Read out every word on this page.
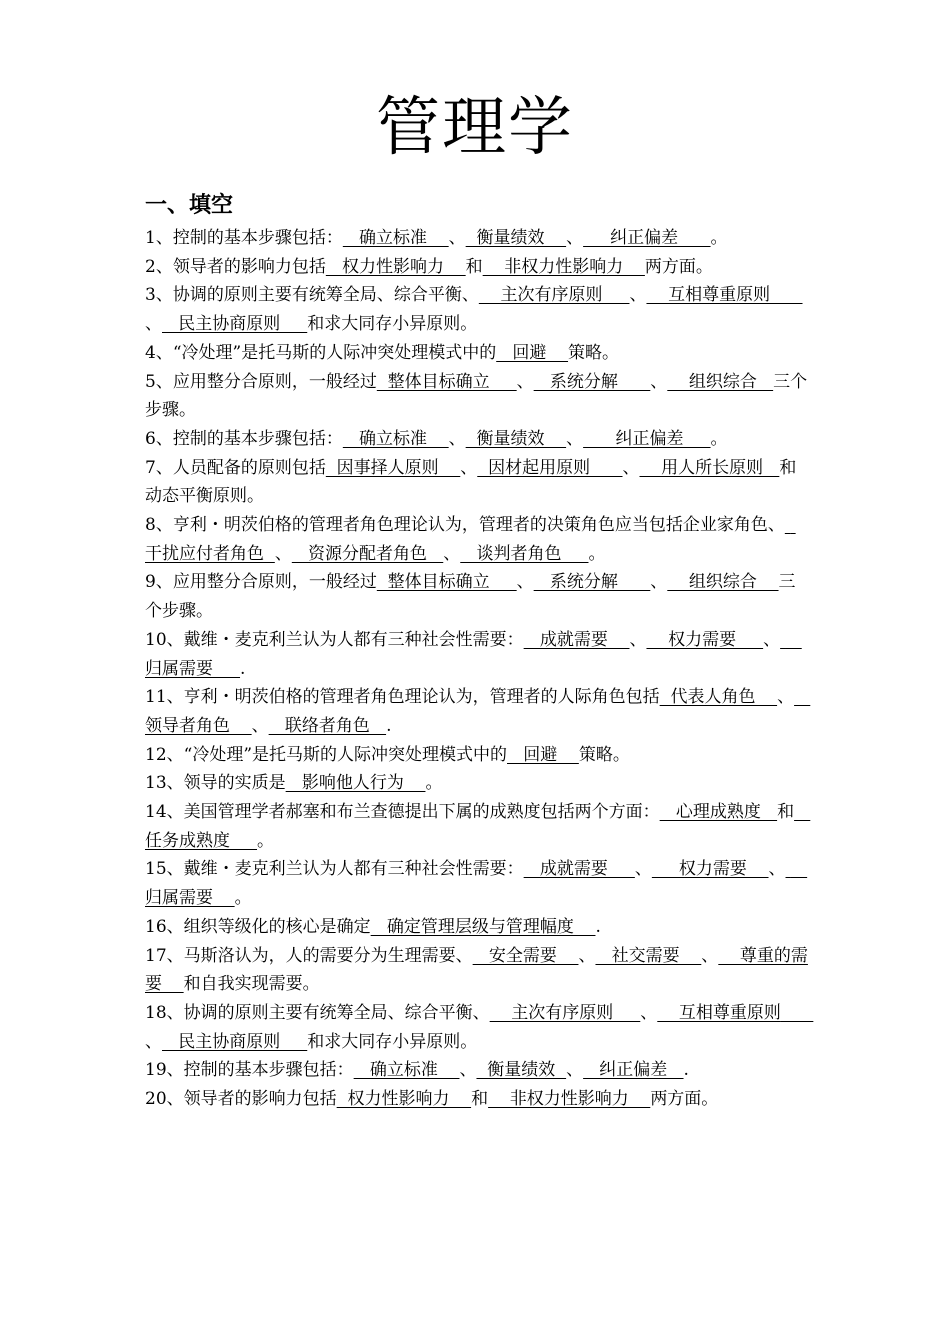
管理学
一、填空

1、控制的基本步骤包括：   确立标准    、  衡量绩效    、     纠正偏差      。

2、领导者的影响力包括   权力性影响力    和    非权力性影响力    两方面。

3、协调的原则主要有统筹全局、综合平衡、    主次有序原则     、    互相尊重原则      、   民主协商原则     和求大同存小异原则。

4、“冷处理”是托马斯的人际冲突处理模式中的   回避    策略。

5、应用整分合原则，一般经过  整体目标确立     、   系统分解      、    组织综合   三个步骤。

6、控制的基本步骤包括：   确立标准    、  衡量绩效    、      纠正偏差     。

7、人员配备的原则包括  因事择人原则    、  因材起用原则      、    用人所长原则   和动态平衡原则。

8、亨利・明茨伯格的管理者角色理论认为，管理者的决策角色应当包括企业家角色、  干扰应付者角色  、   资源分配者角色   、   谈判者角色     。

9、应用整分合原则，一般经过  整体目标确立     、   系统分解      、    组织综合    三个步骤。

10、戴维・麦克利兰认为人都有三种社会性需要：   成就需要    、    权力需要     、    归属需要     .

11、亨利・明茨伯格的管理者角色理论认为，管理者的人际角色包括  代表人角色    、   领导者角色    、   联络者角色   .

12、“冷处理”是托马斯的人际冲突处理模式中的   回避    策略。

13、领导的实质是   影响他人行为    。

14、美国管理学者郝塞和布兰查德提出下属的成熟度包括两个方面：   心理成熟度   和   任务成熟度     。

15、戴维・麦克利兰认为人都有三种社会性需要：   成就需要     、     权力需要    、    归属需要    。

16、组织等级化的核心是确定   确定管理层级与管理幅度    .

17、马斯洛认为，人的需要分为生理需要、   安全需要    、   社交需要    、    尊重的需要    和自我实现需要。

18、协调的原则主要有统筹全局、综合平衡、    主次有序原则     、    互相尊重原则      、   民主协商原则     和求大同存小异原则。

19、控制的基本步骤包括：   确立标准    、  衡量绩效  、   纠正偏差   .

20、领导者的影响力包括  权力性影响力    和    非权力性影响力    两方面。
